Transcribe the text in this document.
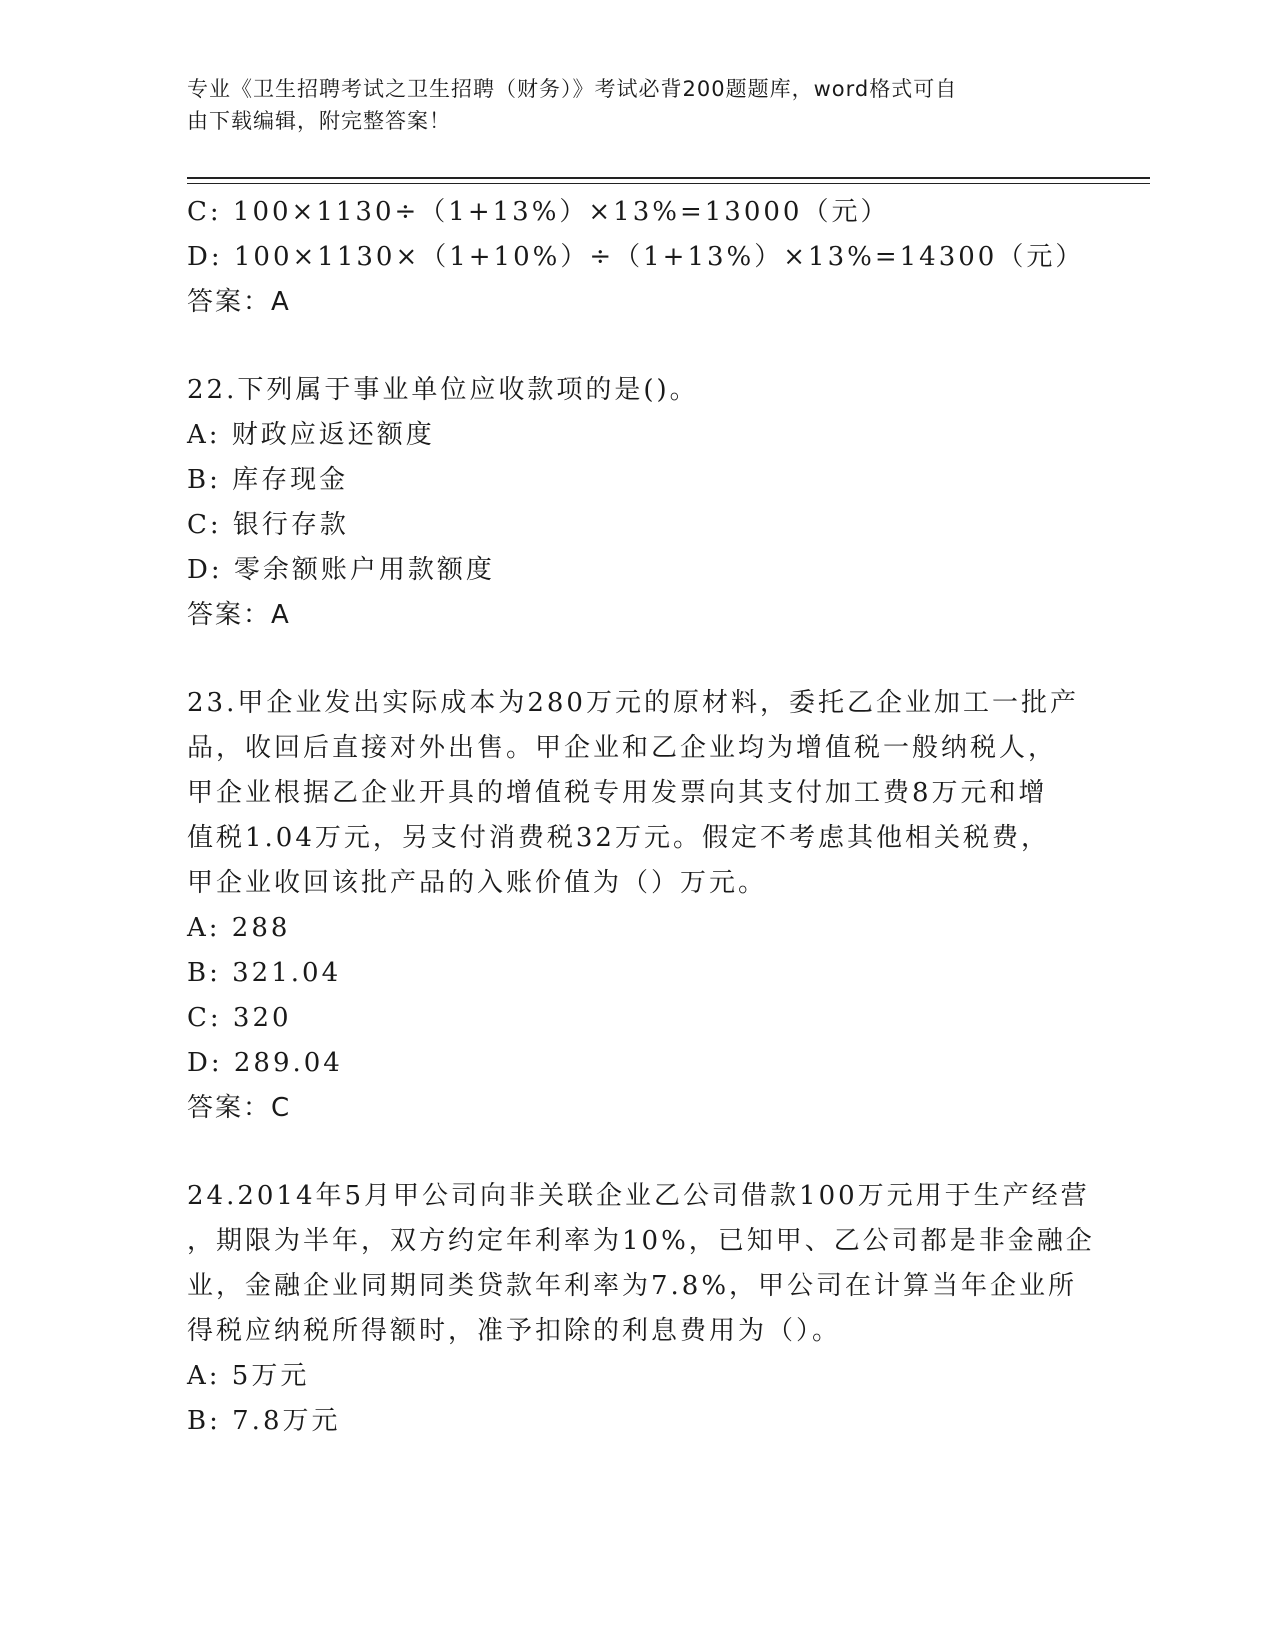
专业《卫生招聘考试之卫生招聘（财务）》考试必背200题题库，word格式可自
由下载编辑，附完整答案！
C: 100×1130÷（1+13%）×13%=13000（元）
D: 100×1130×（1+10%）÷（1+13%）×13%=14300（元）
答案：A
22.下列属于事业单位应收款项的是()。
A: 财政应返还额度
B: 库存现金
C: 银行存款
D: 零余额账户用款额度
答案：A
23.甲企业发出实际成本为280万元的原材料，委托乙企业加工一批产
品，收回后直接对外出售。甲企业和乙企业均为增值税一般纳税人，
甲企业根据乙企业开具的增值税专用发票向其支付加工费8万元和增
值税1.04万元，另支付消费税32万元。假定不考虑其他相关税费，
甲企业收回该批产品的入账价值为（）万元。
A: 288
B: 321.04
C: 320
D: 289.04
答案：C
24.2014年5月甲公司向非关联企业乙公司借款100万元用于生产经营
，期限为半年，双方约定年利率为10%，已知甲、乙公司都是非金融企
业，金融企业同期同类贷款年利率为7.8%，甲公司在计算当年企业所
得税应纳税所得额时，准予扣除的利息费用为（）。
A: 5万元
B: 7.8万元
